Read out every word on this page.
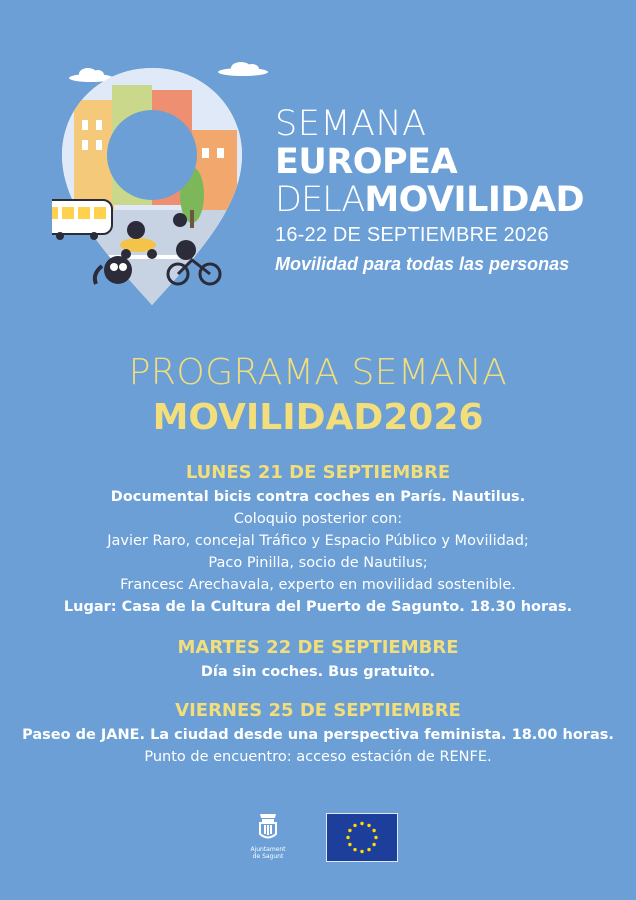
SEMANA
EUROPEA
DELAMOVILIDAD
16-22 DE SEPTIEMBRE 2026
Movilidad para todas las personas
PROGRAMA SEMANA
MOVILIDAD2026
LUNES 21 DE SEPTIEMBRE
Documental bicis contra coches en París. Nautilus.
Coloquio posterior con:
Javier Raro, concejal Tráfico y Espacio Público y Movilidad;
Paco Pinilla, socio de Nautilus;
Francesc Arechavala, experto en movilidad sostenible.
Lugar: Casa de la Cultura del Puerto de Sagunto. 18.30 horas.
MARTES 22 DE SEPTIEMBRE
Día sin coches. Bus gratuito.
VIERNES 25 DE SEPTIEMBRE
Paseo de JANE. La ciudad desde una perspectiva feminista. 18.00 horas.
Punto de encuentro: acceso estación de RENFE.
Ajuntament
de Sagunt
